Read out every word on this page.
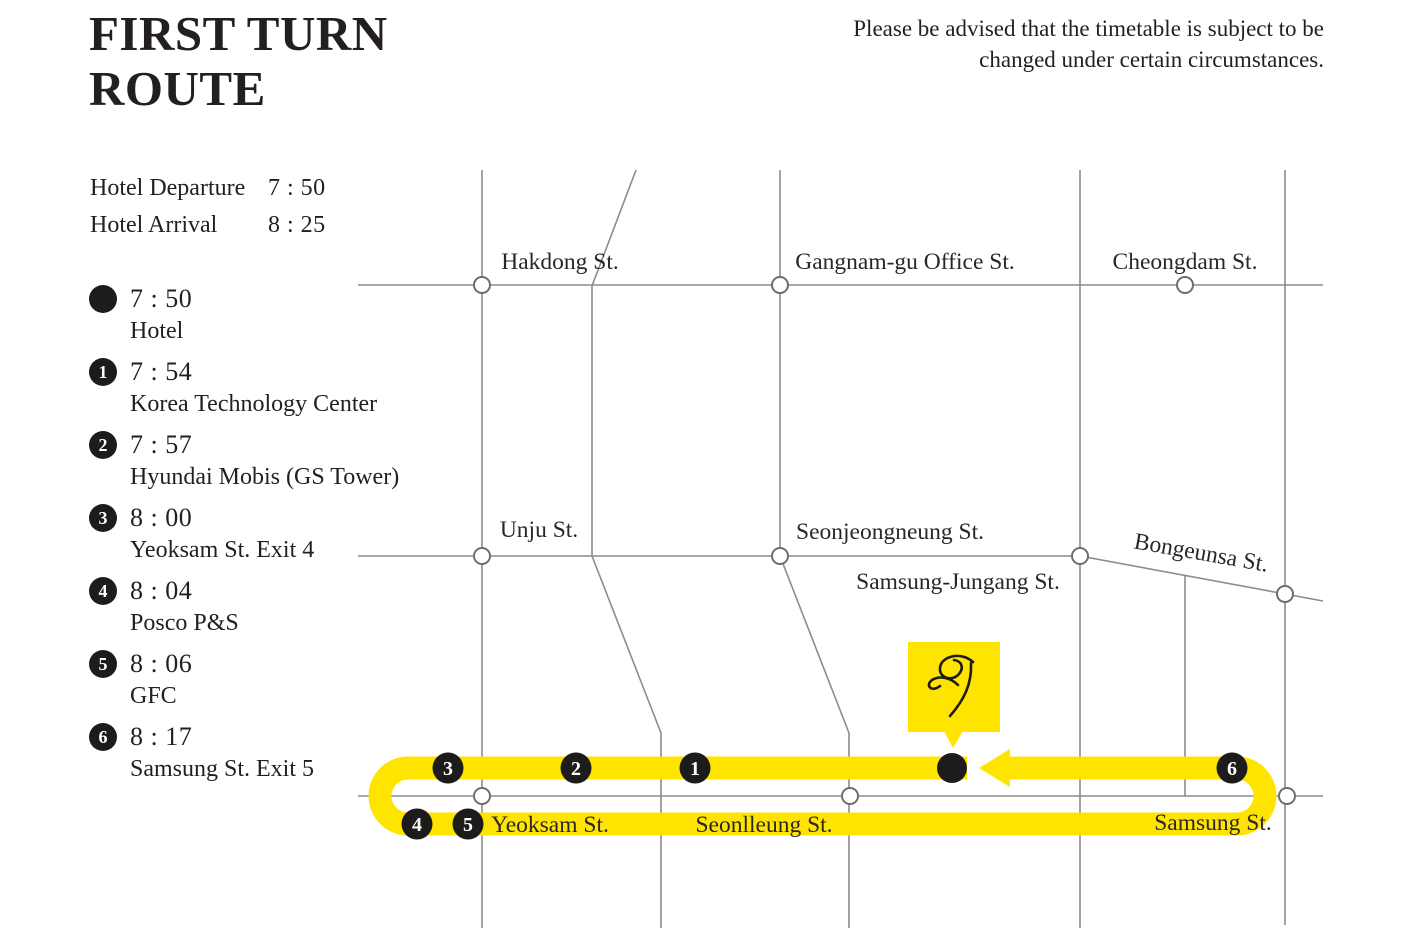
FIRST TURN
ROUTE
Please be advised that the timetable is subject to be changed under certain circumstances.
Hotel Departure 7 : 50
Hotel Arrival	8 : 25
7 : 50
Hotel
1 7 : 54
Korea Technology Center
2 7 : 57
Hyundai Mobis (GS Tower)
3 8 : 00
Yeoksam St. Exit 4
4 8 : 04
Posco P&S
5 8 : 06
GFC
6 8 : 17
Samsung St. Exit 5
Hakdong St.	Gangnam-gu Office St.	Cheongdam St.
Unju St.	Seonjeongneung St.
Samsung-Jungang St.
Bongeunsa St.
Yeoksam St.	Seonlleung St.	Samsung St.
3	2	1	6
4 5
